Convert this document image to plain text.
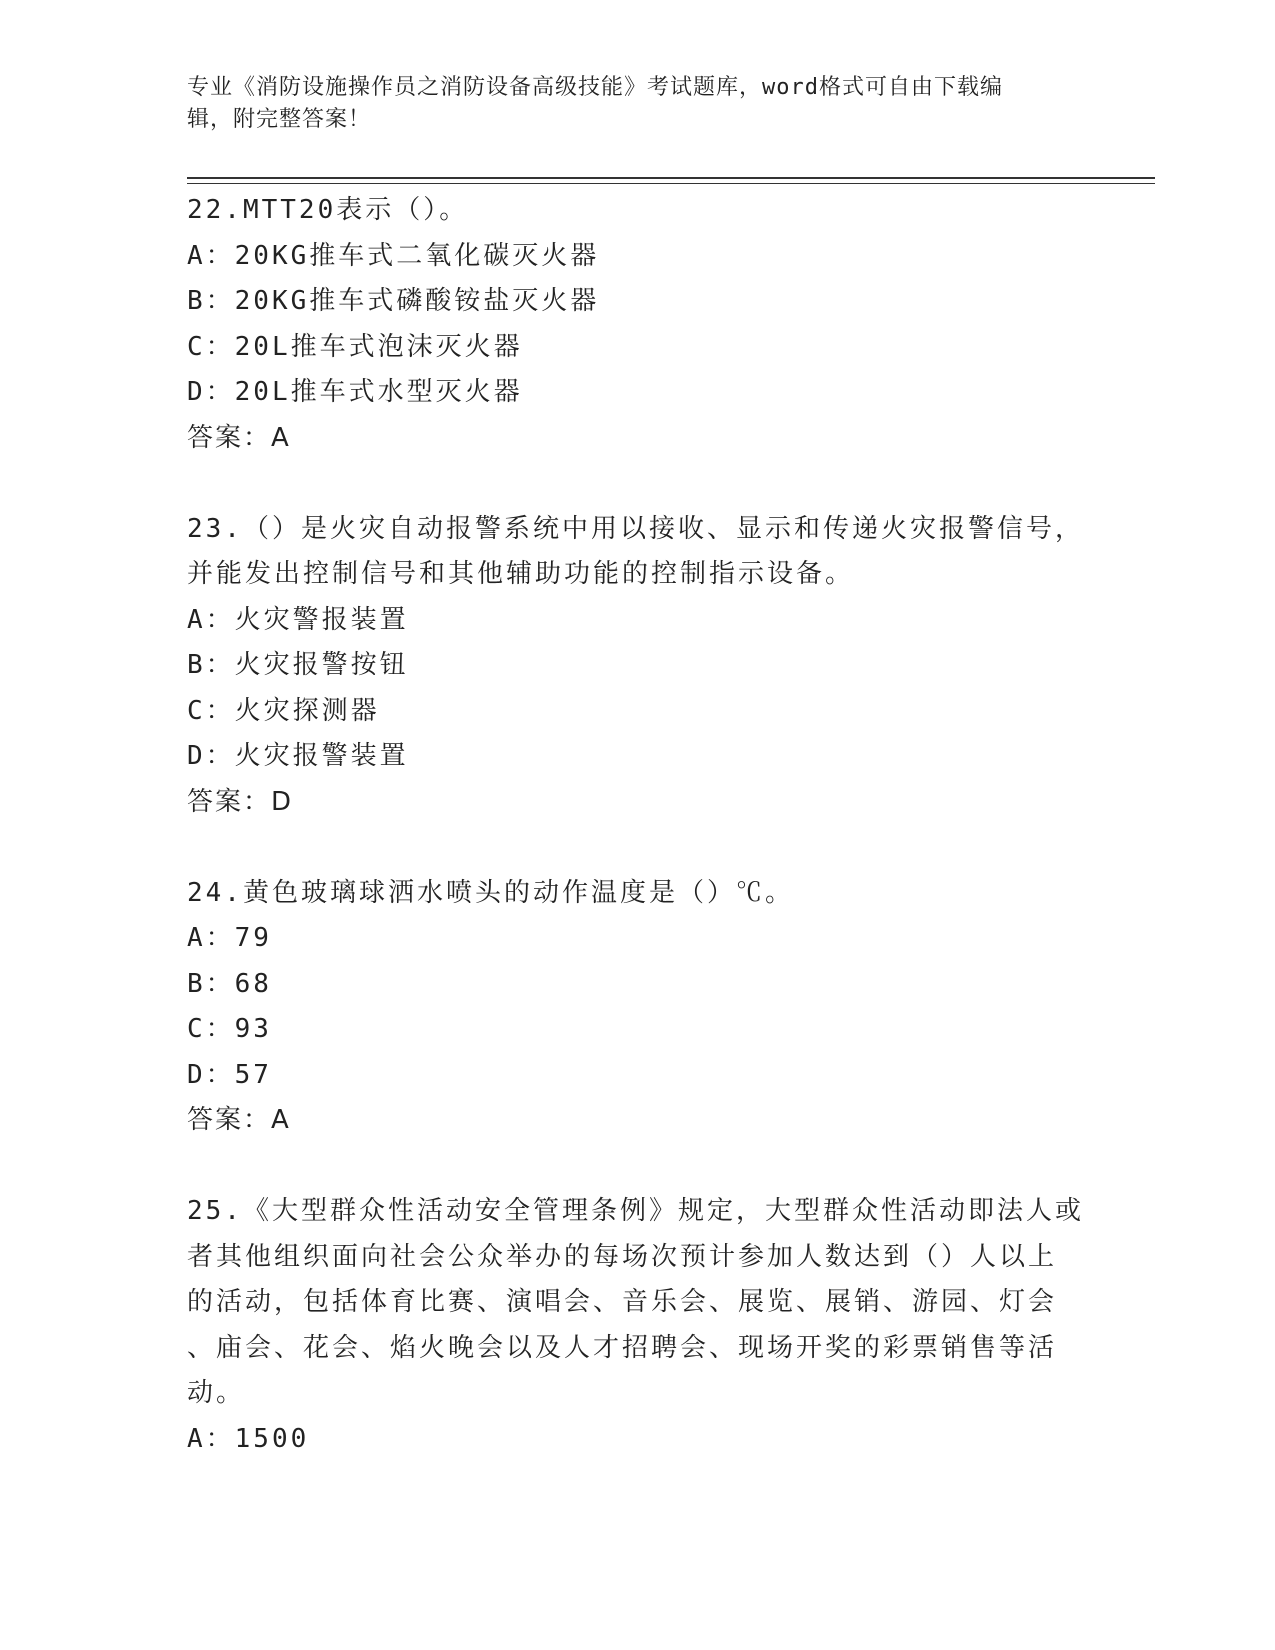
专业《消防设施操作员之消防设备高级技能》考试题库，word格式可自由下载编
辑，附完整答案！
22.MTT20表示（）。
A：20KG推车式二氧化碳灭火器
B：20KG推车式磷酸铵盐灭火器
C：20L推车式泡沫灭火器
D：20L推车式水型灭火器
答案：A
23.（）是火灾自动报警系统中用以接收、显示和传递火灾报警信号，
并能发出控制信号和其他辅助功能的控制指示设备。
A：火灾警报装置
B：火灾报警按钮
C：火灾探测器
D：火灾报警装置
答案：D
24.黄色玻璃球洒水喷头的动作温度是（）℃。
A：79
B：68
C：93
D：57
答案：A
25.《大型群众性活动安全管理条例》规定，大型群众性活动即法人或
者其他组织面向社会公众举办的每场次预计参加人数达到（）人以上
的活动，包括体育比赛、演唱会、音乐会、展览、展销、游园、灯会
、庙会、花会、焰火晚会以及人才招聘会、现场开奖的彩票销售等活
动。
A：1500
